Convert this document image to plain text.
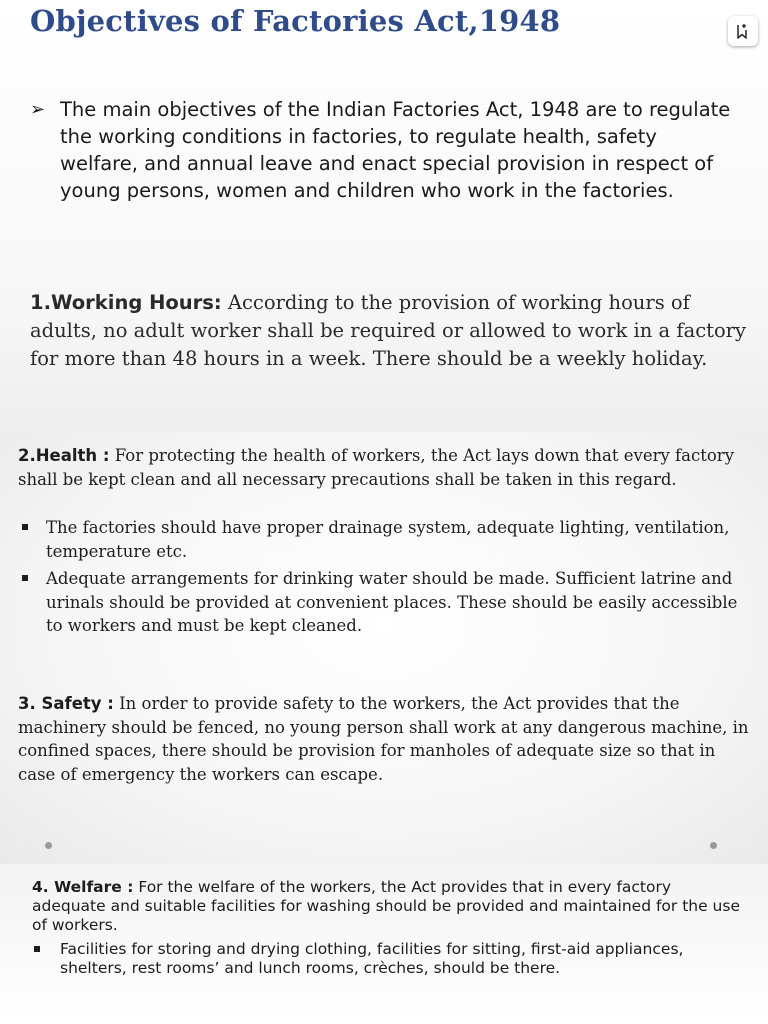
Objectives of Factories Act,1948

➢ The main objectives of the Indian Factories Act, 1948 are to regulate the working conditions in factories, to regulate health, safety welfare, and annual leave and enact special provision in respect of young persons, women and children who work in the factories.

1.Working Hours: According to the provision of working hours of adults, no adult worker shall be required or allowed to work in a factory for more than 48 hours in a week. There should be a weekly holiday.

2.Health : For protecting the health of workers, the Act lays down that every factory shall be kept clean and all necessary precautions shall be taken in this regard.

The factories should have proper drainage system, adequate lighting, ventilation, temperature etc.
Adequate arrangements for drinking water should be made. Sufficient latrine and urinals should be provided at convenient places. These should be easily accessible to workers and must be kept cleaned.

3. Safety : In order to provide safety to the workers, the Act provides that the machinery should be fenced, no young person shall work at any dangerous machine, in confined spaces, there should be provision for manholes of adequate size so that in case of emergency the workers can escape.

4. Welfare : For the welfare of the workers, the Act provides that in every factory adequate and suitable facilities for washing should be provided and maintained for the use of workers.

Facilities for storing and drying clothing, facilities for sitting, first-aid appliances, shelters, rest rooms’ and lunch rooms, crèches, should be there.
